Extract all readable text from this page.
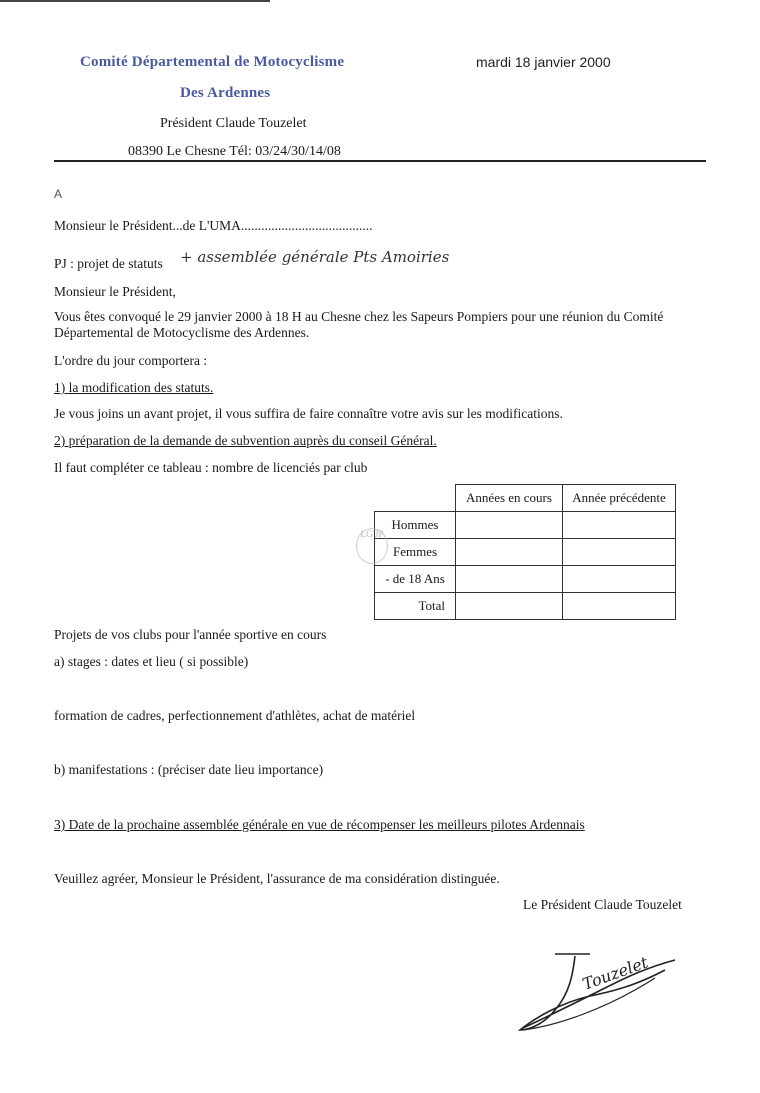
Comité Départemental de Motocyclisme
Des Ardennes
mardi 18 janvier 2000
Président Claude Touzelet
08390 Le Chesne Tél: 03/24/30/14/08
A
Monsieur le Président...de L'UMA.......................................
PJ : projet de statuts + assemblée générale Pts Amoiries
Monsieur le Président,
Vous êtes convoqué le 29 janvier 2000 à 18 H au Chesne chez les Sapeurs Pompiers pour une réunion du Comité
Départemental de Motocyclisme des Ardennes.
L'ordre du jour comportera :
1) la modification des statuts.
Je vous joins un avant projet, il vous suffira de faire connaître votre avis sur les modifications.
2) préparation de la demande de subvention auprès du conseil Général.
Il faut compléter ce tableau : nombre de licenciés par club
	Années en cours	Année précédente
Hommes		
Femmes		
- de 18 Ans		
Total		
LG JP
Projets de vos clubs pour l'année sportive en cours
a) stages : dates et lieu ( si possible)
formation de cadres, perfectionnement d'athlètes, achat de matériel
b) manifestations : (préciser date lieu importance)
3) Date de la prochaine assemblée générale en vue de récompenser les meilleurs pilotes Ardennais
Veuillez agréer, Monsieur le Président, l'assurance de ma considération distinguée.
Le Président Claude Touzelet
Touzelet
